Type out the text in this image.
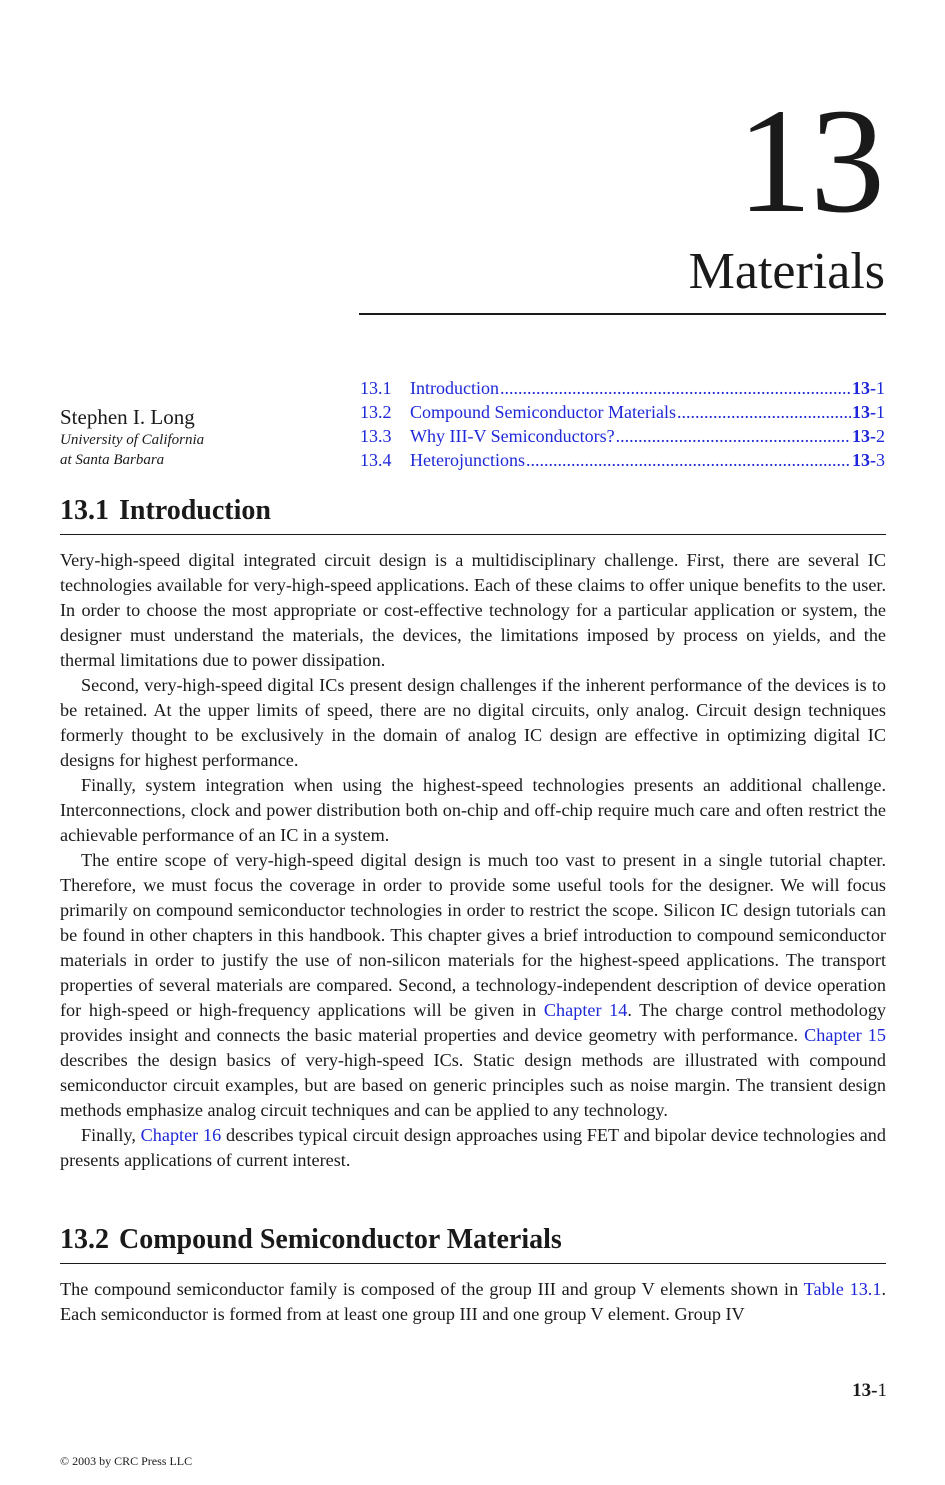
13
Materials
13.1	Introduction .....	13-1
13.2	Compound Semiconductor Materials .....	13-1
13.3	Why III-V Semiconductors? .....	13-2
13.4	Heterojunctions .....	13-3
Stephen I. Long
University of California
at Santa Barbara
13.1 Introduction

Very-high-speed digital integrated circuit design is a multidisciplinary challenge. First, there are several IC technologies available for very-high-speed applications. Each of these claims to offer unique benefits to the user. In order to choose the most appropriate or cost-effective technology for a particular application or system, the designer must understand the materials, the devices, the limitations imposed by process on yields, and the thermal limitations due to power dissipation.

Second, very-high-speed digital ICs present design challenges if the inherent performance of the devices is to be retained. At the upper limits of speed, there are no digital circuits, only analog. Circuit design techniques formerly thought to be exclusively in the domain of analog IC design are effective in optimizing digital IC designs for highest performance.

Finally, system integration when using the highest-speed technologies presents an additional challenge. Interconnections, clock and power distribution both on-chip and off-chip require much care and often restrict the achievable performance of an IC in a system.

The entire scope of very-high-speed digital design is much too vast to present in a single tutorial chapter. Therefore, we must focus the coverage in order to provide some useful tools for the designer. We will focus primarily on compound semiconductor technologies in order to restrict the scope. Silicon IC design tutorials can be found in other chapters in this handbook. This chapter gives a brief introduction to compound semiconductor materials in order to justify the use of non-silicon materials for the highest-speed applications. The transport properties of several materials are compared. Second, a technology-independent description of device operation for high-speed or high-frequency applications will be given in Chapter 14. The charge control methodology provides insight and connects the basic material properties and device geometry with performance. Chapter 15 describes the design basics of very-high-speed ICs. Static design methods are illustrated with compound semiconductor circuit examples, but are based on generic principles such as noise margin. The transient design methods emphasize analog circuit techniques and can be applied to any technology.

Finally, Chapter 16 describes typical circuit design approaches using FET and bipolar device technologies and presents applications of current interest.

13.2 Compound Semiconductor Materials

The compound semiconductor family is composed of the group III and group V elements shown in Table 13.1. Each semiconductor is formed from at least one group III and one group V element. Group IV

13-1
© 2003 by CRC Press LLC
